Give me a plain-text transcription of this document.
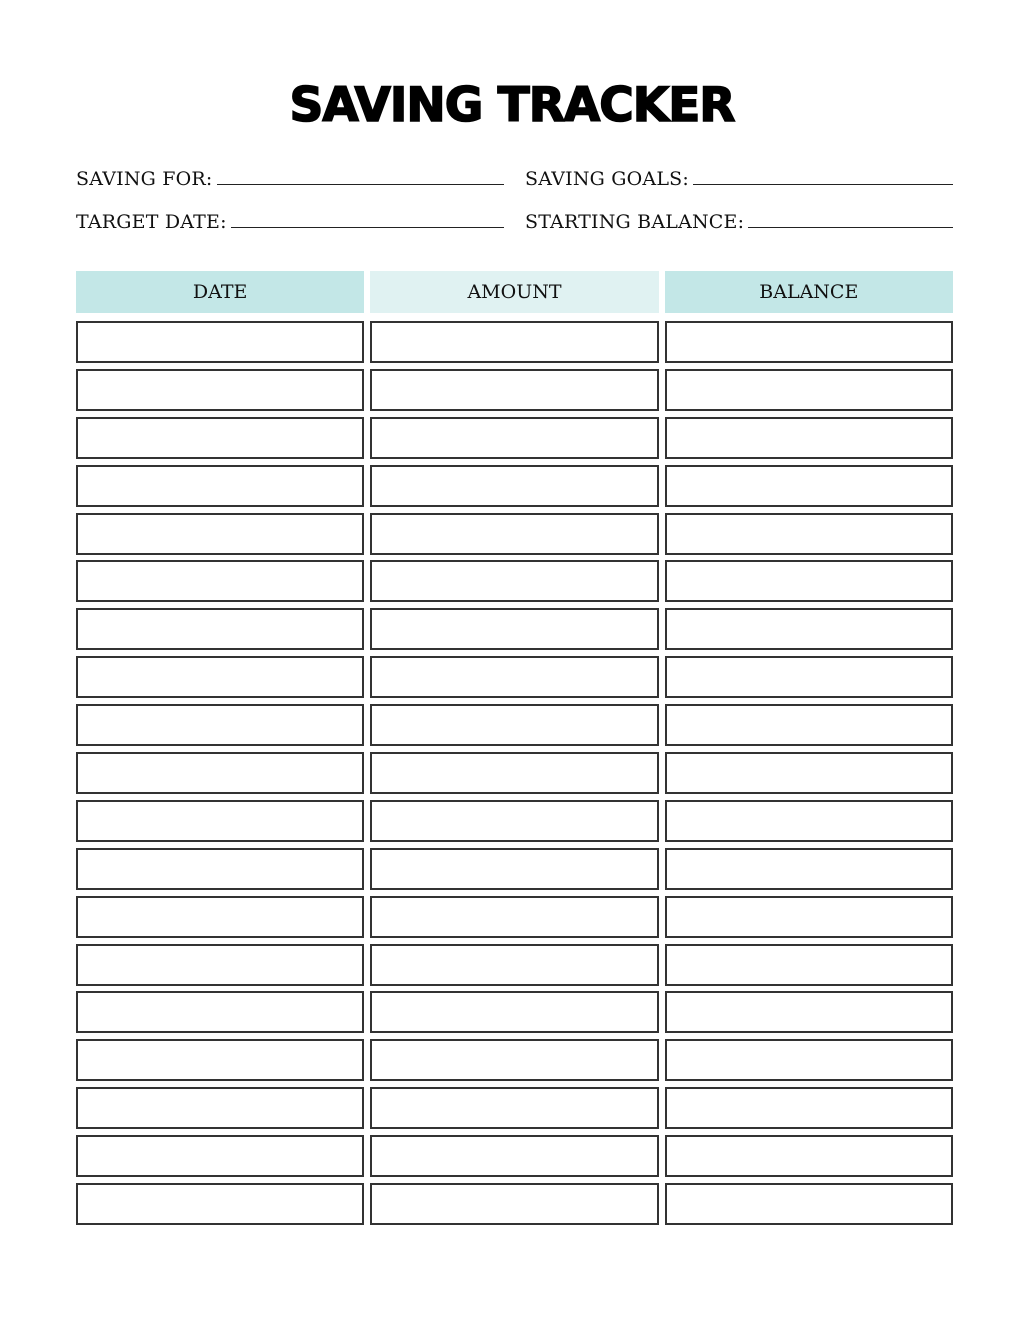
SAVING TRACKER
SAVING FOR:	SAVING GOALS:
TARGET DATE:	STARTING BALANCE:
DATE	AMOUNT	BALANCE
